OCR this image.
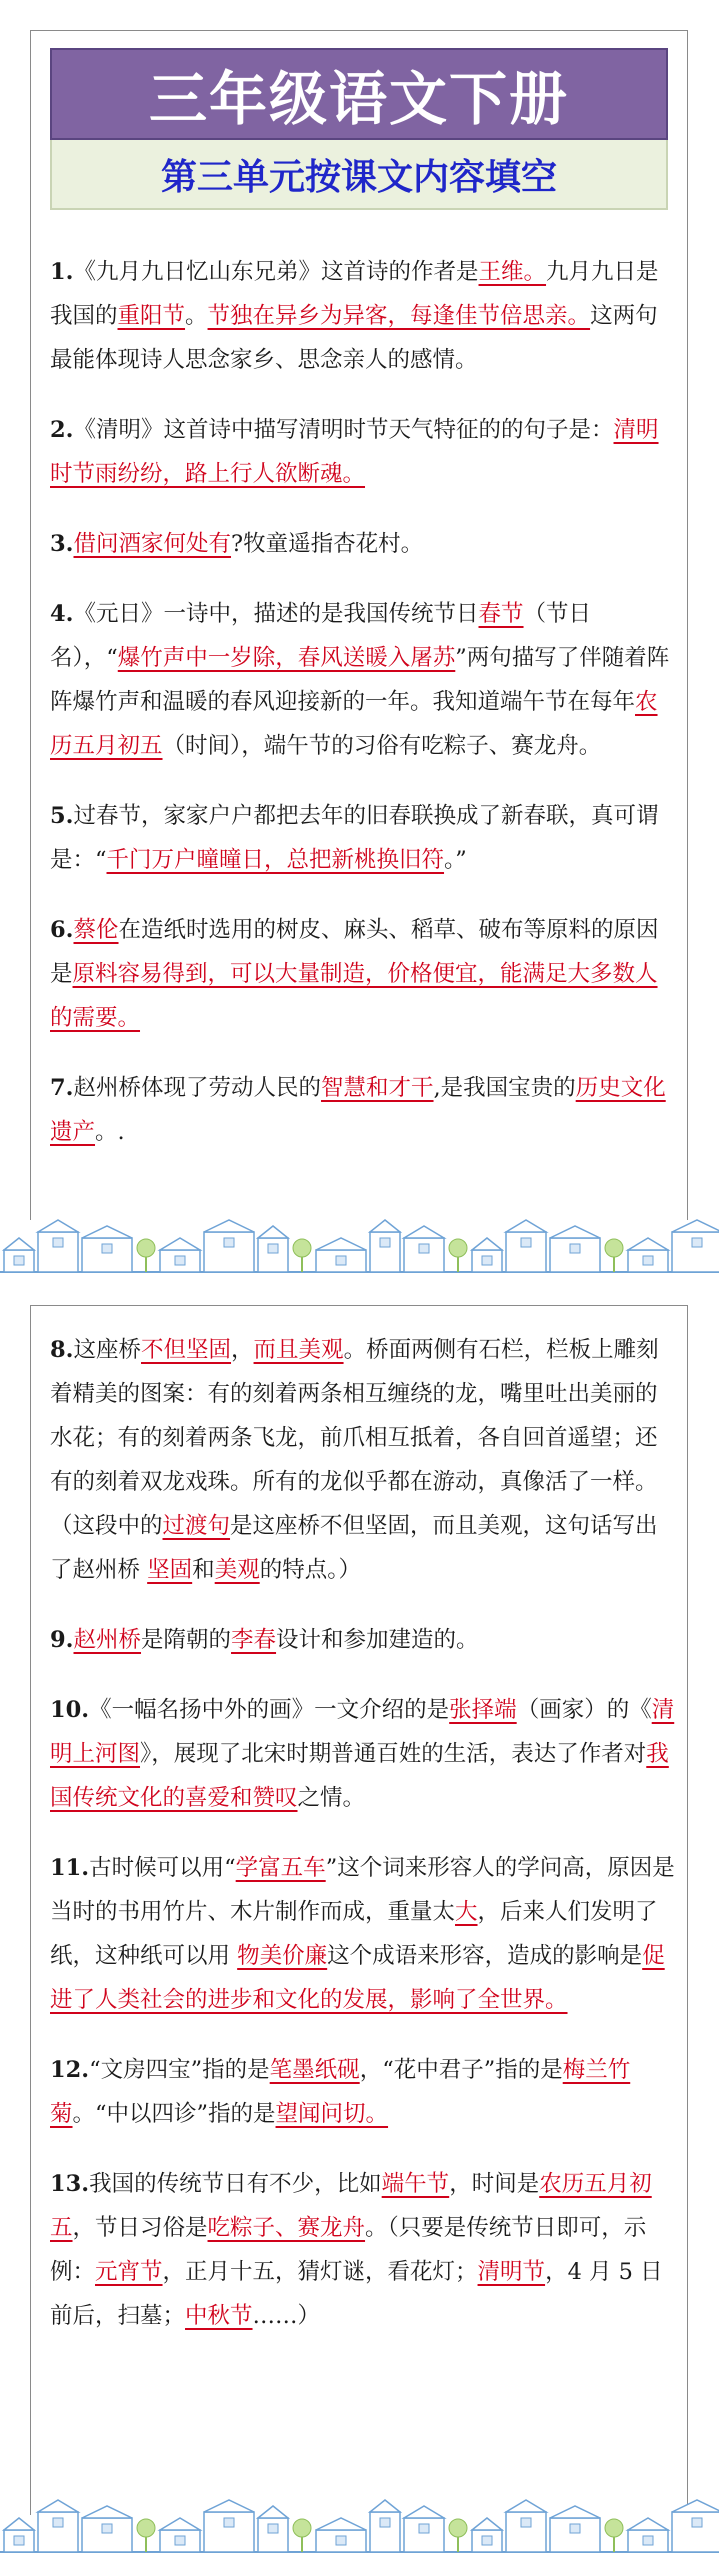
三年级语文下册
第三单元按课文内容填空

1.《九月九日忆山东兄弟》这首诗的作者是王维。九月九日是我国的重阳节。节独在异乡为异客，每逢佳节倍思亲。这两句最能体现诗人思念家乡、思念亲人的感情。

2.《清明》这首诗中描写清明时节天气特征的的句子是：清明时节雨纷纷，路上行人欲断魂。

3.借问酒家何处有?牧童遥指杏花村。

4.《元日》一诗中，描述的是我国传统节日春节（节日名），“爆竹声中一岁除，春风送暖入屠苏”两句描写了伴随着阵阵爆竹声和温暖的春风迎接新的一年。我知道端午节在每年农历五月初五（时间），端午节的习俗有吃粽子、赛龙舟。

5.过春节，家家户户都把去年的旧春联换成了新春联，真可谓是：“千门万户曈曈日，总把新桃换旧符。”

6.蔡伦在造纸时选用的树皮、麻头、稻草、破布等原料的原因是原料容易得到，可以大量制造，价格便宜，能满足大多数人的需要。

7.赵州桥体现了劳动人民的智慧和才干,是我国宝贵的历史文化遗产。.

8.这座桥不但坚固，而且美观。桥面两侧有石栏，栏板上雕刻着精美的图案：有的刻着两条相互缠绕的龙，嘴里吐出美丽的水花；有的刻着两条飞龙，前爪相互抵着，各自回首遥望；还有的刻着双龙戏珠。所有的龙似乎都在游动，真像活了一样。（这段中的过渡句是这座桥不但坚固，而且美观，这句话写出了赵州桥 坚固和美观的特点。）

9.赵州桥是隋朝的李春设计和参加建造的。

10.《一幅名扬中外的画》一文介绍的是张择端（画家）的《清明上河图》，展现了北宋时期普通百姓的生活，表达了作者对我国传统文化的喜爱和赞叹之情。

11.古时候可以用“学富五车”这个词来形容人的学问高，原因是当时的书用竹片、木片制作而成，重量太大，后来人们发明了纸，这种纸可以用 物美价廉这个成语来形容，造成的影响是促进了人类社会的进步和文化的发展，影响了全世界。

12.“文房四宝”指的是笔墨纸砚，“花中君子”指的是梅兰竹菊。“中以四诊”指的是望闻问切。

13.我国的传统节日有不少，比如端午节，时间是农历五月初五，节日习俗是吃粽子、赛龙舟。（只要是传统节日即可，示例：元宵节，正月十五，猜灯谜，看花灯；清明节，4 月 5 日前后，扫墓；中秋节……）
